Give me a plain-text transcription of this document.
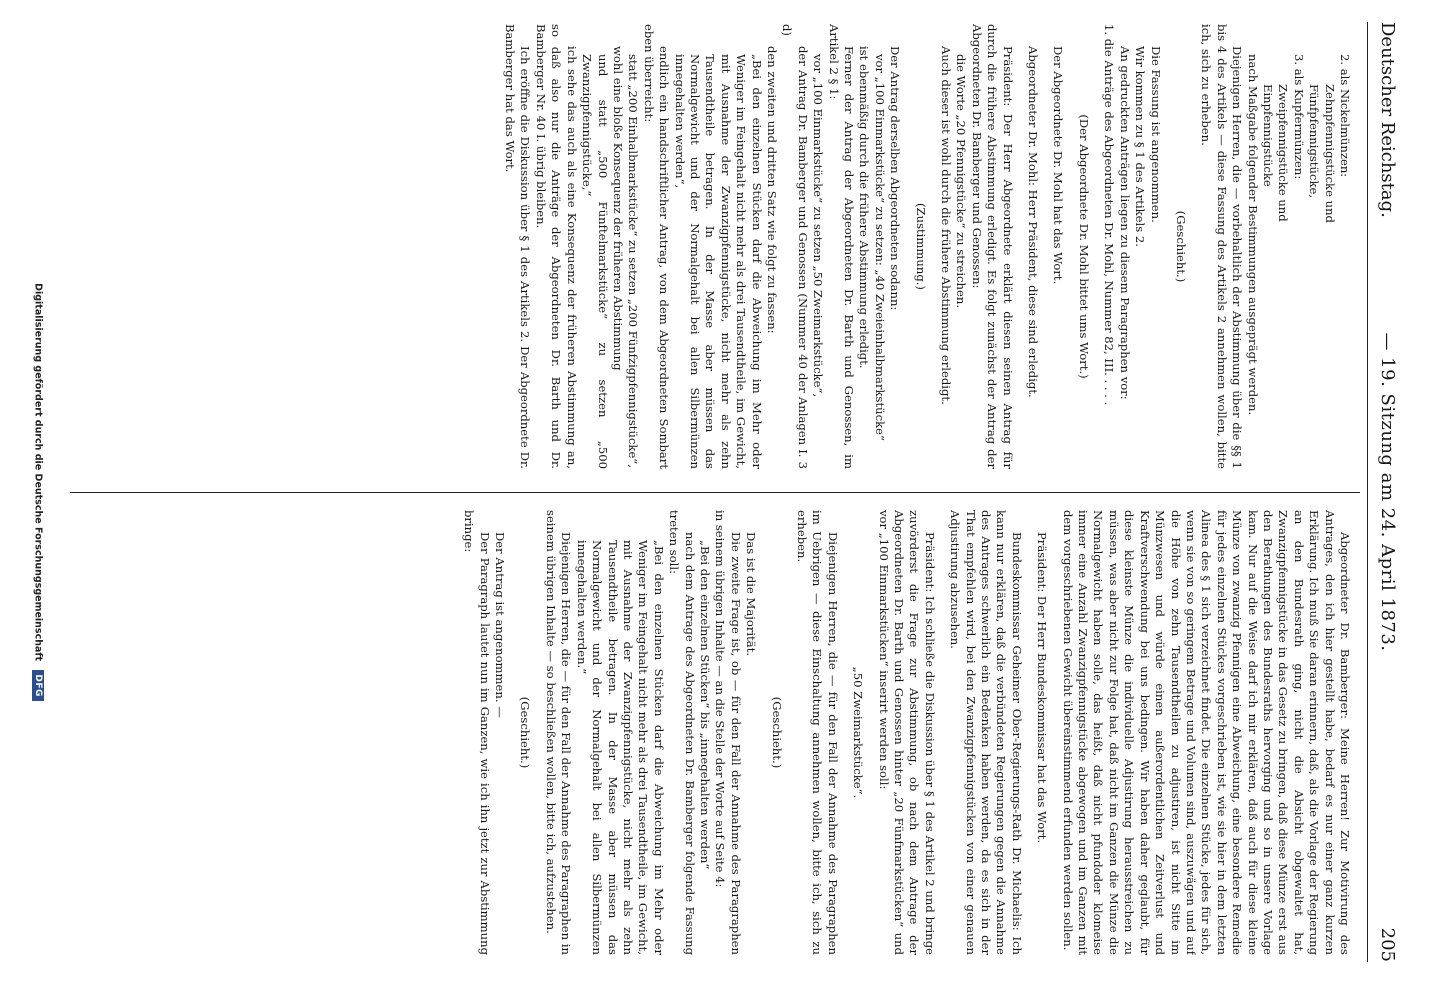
Deutscher Reichstag.
— 19. Sitzung am 24. April 1873.
205

2. als Nickelmünzen:

Zehnpfennigstücke und

Fünfpfennigstücke,

3. als Kupfermünzen:

Zweipfennigstücke und

Einpfennigstücke

nach Maßgabe folgender Bestimmungen ausgeprägt werden.

Diejenigen Herren, die — vorbehaltlich der Abstimmung über die §§ 1 bis 4 des Artikels — diese Fassung des Artikels 2 annehmen wollen, bitte ich, sich zu erheben.

(Geschieht.)

Die Fassung ist angenommen.

Wir kommen zu § 1 des Artikels 2.

An gedruckten Anträgen liegen zu diesem Paragraphen vor:

1. die Anträge des Abgeordneten Dr. Mohl, Nummer 82, III. . . . .

(Der Abgeordnete Dr. Mohl bittet ums Wort.)

Der Abgeordnete Dr. Mohl hat das Wort.

Abgeordneter Dr. Mohl: Herr Präsident, diese sind erledigt.

Präsident: Der Herr Abgeordnete erklärt diesen seinen Antrag für durch die frühere Abstimmung erledigt. Es folgt zunächst der Antrag der Abgeordneten Dr. Bamberger und Genossen:

die Worte „20 Pfennigstücke“ zu streichen.

Auch dieser ist wohl durch die frühere Abstimmung erledigt.

(Zustimmung.)

Der Antrag derselben Abgeordneten sodann:

vor „100 Einmarkstücke“ zu setzen: „40 Zweieinhalbmarkstücke“

ist ebenmäßig durch die frühere Abstimmung erledigt.

Ferner der Antrag der Abgeordneten Dr. Barth und Genossen, im Artikel 2 § 1:

vor „100 Einmarkstücke“ zu setzen „50 Zweimarkstücke“,

der Antrag Dr. Bamberger und Genossen (Nummer 40 der Anlagen I. 3 d)

den zweiten und dritten Satz wie folgt zu fassen:

„Bei den einzelnen Stücken darf die Abweichung im Mehr oder Weniger im Feingehalt nicht mehr als drei Tausendtheile, im Gewicht, mit Ausnahme der Zwanzigpfennigstücke, nicht mehr als zehn Tausendtheile betragen. In der Masse aber müssen das Normalgewicht und der Normalgehalt bei allen Silbermünzen innegehalten werden“,

endlich ein handschriftlicher Antrag, von dem Abgeordneten Sombart eben überreicht:

statt „200 Einhalbmarkstücke“ zu setzen „200 Fünfzigpfennigstücke“,

wohl eine bloße Konsequenz der früheren Abstimmung

und statt „500 Fünftelmarkstücke“ zu setzen „500 Zwanzigpfennigstücke,“

ich sehe das auch als eine Konsequenz der früheren Abstimmung an, so daß also nur die Anträge der Abgeordneten Dr. Barth und Dr. Bamberger Nr. 40 I. übrig bleiben.

Ich eröffne die Diskussion über § 1 des Artikels 2. Der Abgeordnete Dr. Bamberger hat das Wort.

Abgeordneter Dr. Bamberger: Meine Herren! Zur Motivirung des Antrages, den ich hier gestellt habe, bedarf es nur einer ganz kurzen Erklärung. Ich muß Sie daran erinnern, daß, als die Vorlage der Regierung an den Bundesrath ging, nicht die Absicht obgewaltet hat, Zwanzigpfennigstücke in das Gesetz zu bringen, daß diese Münze erst aus den Berathungen des Bundesraths hervorging und so in unsere Vorlage kam. Nur auf die Weise darf ich mir erklären, daß auch für diese kleine Münze von zwanzig Pfennigen eine Abweichung, eine besondere Remedie für jedes einzelnen Stückes vorgeschrieben ist, wie sie hier in dem letzten Alinea des § 1 sich verzeichnet findet. Die einzelnen Stücke, jedes für sich, wenn sie von so geringem Betrage und Volumen sind, auszuwägen und auf die Höhe von zehn Tausendtheilen zu adjustiren, ist nicht Sitte im Münzwesen und würde einen außerordentlichen Zeitverlust und Kraftverschwendung bei uns bedingen. Wir haben daher geglaubt, für diese kleinste Münze die individuelle Adjustirung herausstreichen zu müssen, was aber nicht zur Folge hat, daß nicht im Ganzen die Münze die Normalgewicht haben solle, das heißt, daß nicht pfundoder klomeise immer eine Anzahl Zwanzigpfennigstücke abgewogen und im Ganzen mit dem vorgeschriebenen Gewicht übereinstimmend erfunden werden sollen.

Präsident: Der Herr Bundeskommissar hat das Wort.

Bundeskommissar Geheimer Ober-Regierungs-Rath Dr. Michaelis: Ich kann nur erklären, daß die verbündeten Regierungen gegen die Annahme des Antrages schwerlich ein Bedenken haben werden, da es sich in der That empfehlen wird, bei den Zwanzigpfennigstücken von einer genauen Adjustirung abzusehen.

Präsident: Ich schließe die Diskussion über § 1 des Artikel 2 und bringe zuvörderst die Frage zur Abstimmung, ob nach dem Antrage der Abgeordneten Dr. Barth und Genossen hinter „20 Fünfmarkstücken“ und vor „100 Einmarkstücken“ inserirt werden soll:

„50 Zweimarkstücke“.

Diejenigen Herren, die — für den Fall der Annahme des Paragraphen im Uebrigen — diese Einschaltung annehmen wollen, bitte ich, sich zu erheben.

(Geschieht.)

Das ist die Majorität.

Die zweite Frage ist, ob — für den Fall der Annahme des Paragraphen in seinem übrigen Inhalte — an die Stelle der Worte auf Seite 4:

„Bei den einzelnen Stücken“ bis „innegehalten werden“

nach dem Antrage des Abgeordneten Dr. Bamberger folgende Fassung treten soll:

„Bei den einzelnen Stücken darf die Abweichung im Mehr oder Weniger im Feingehalt nicht mehr als drei Tausendtheile, im Gewicht, mit Ausnahme der Zwanzigpfennigstücke, nicht mehr als zehn Tausendtheile betragen. In der Masse aber müssen das Normalgewicht und der Normalgehalt bei allen Silbermünzen innegehalten werden.“

Diejenigen Herren, die — für den Fall der Annahme des Paragraphen in seinem übrigen Inhalte — so beschließen wollen, bitte ich, aufzustehen.

(Geschieht.)

Der Antrag ist angenommen. —

Der Paragraph lautet nun im Ganzen, wie ich ihn jetzt zur Abstimmung bringe:

Digitalisierung gefördert durch die Deutsche Forschungsgemeinschaft DFG
